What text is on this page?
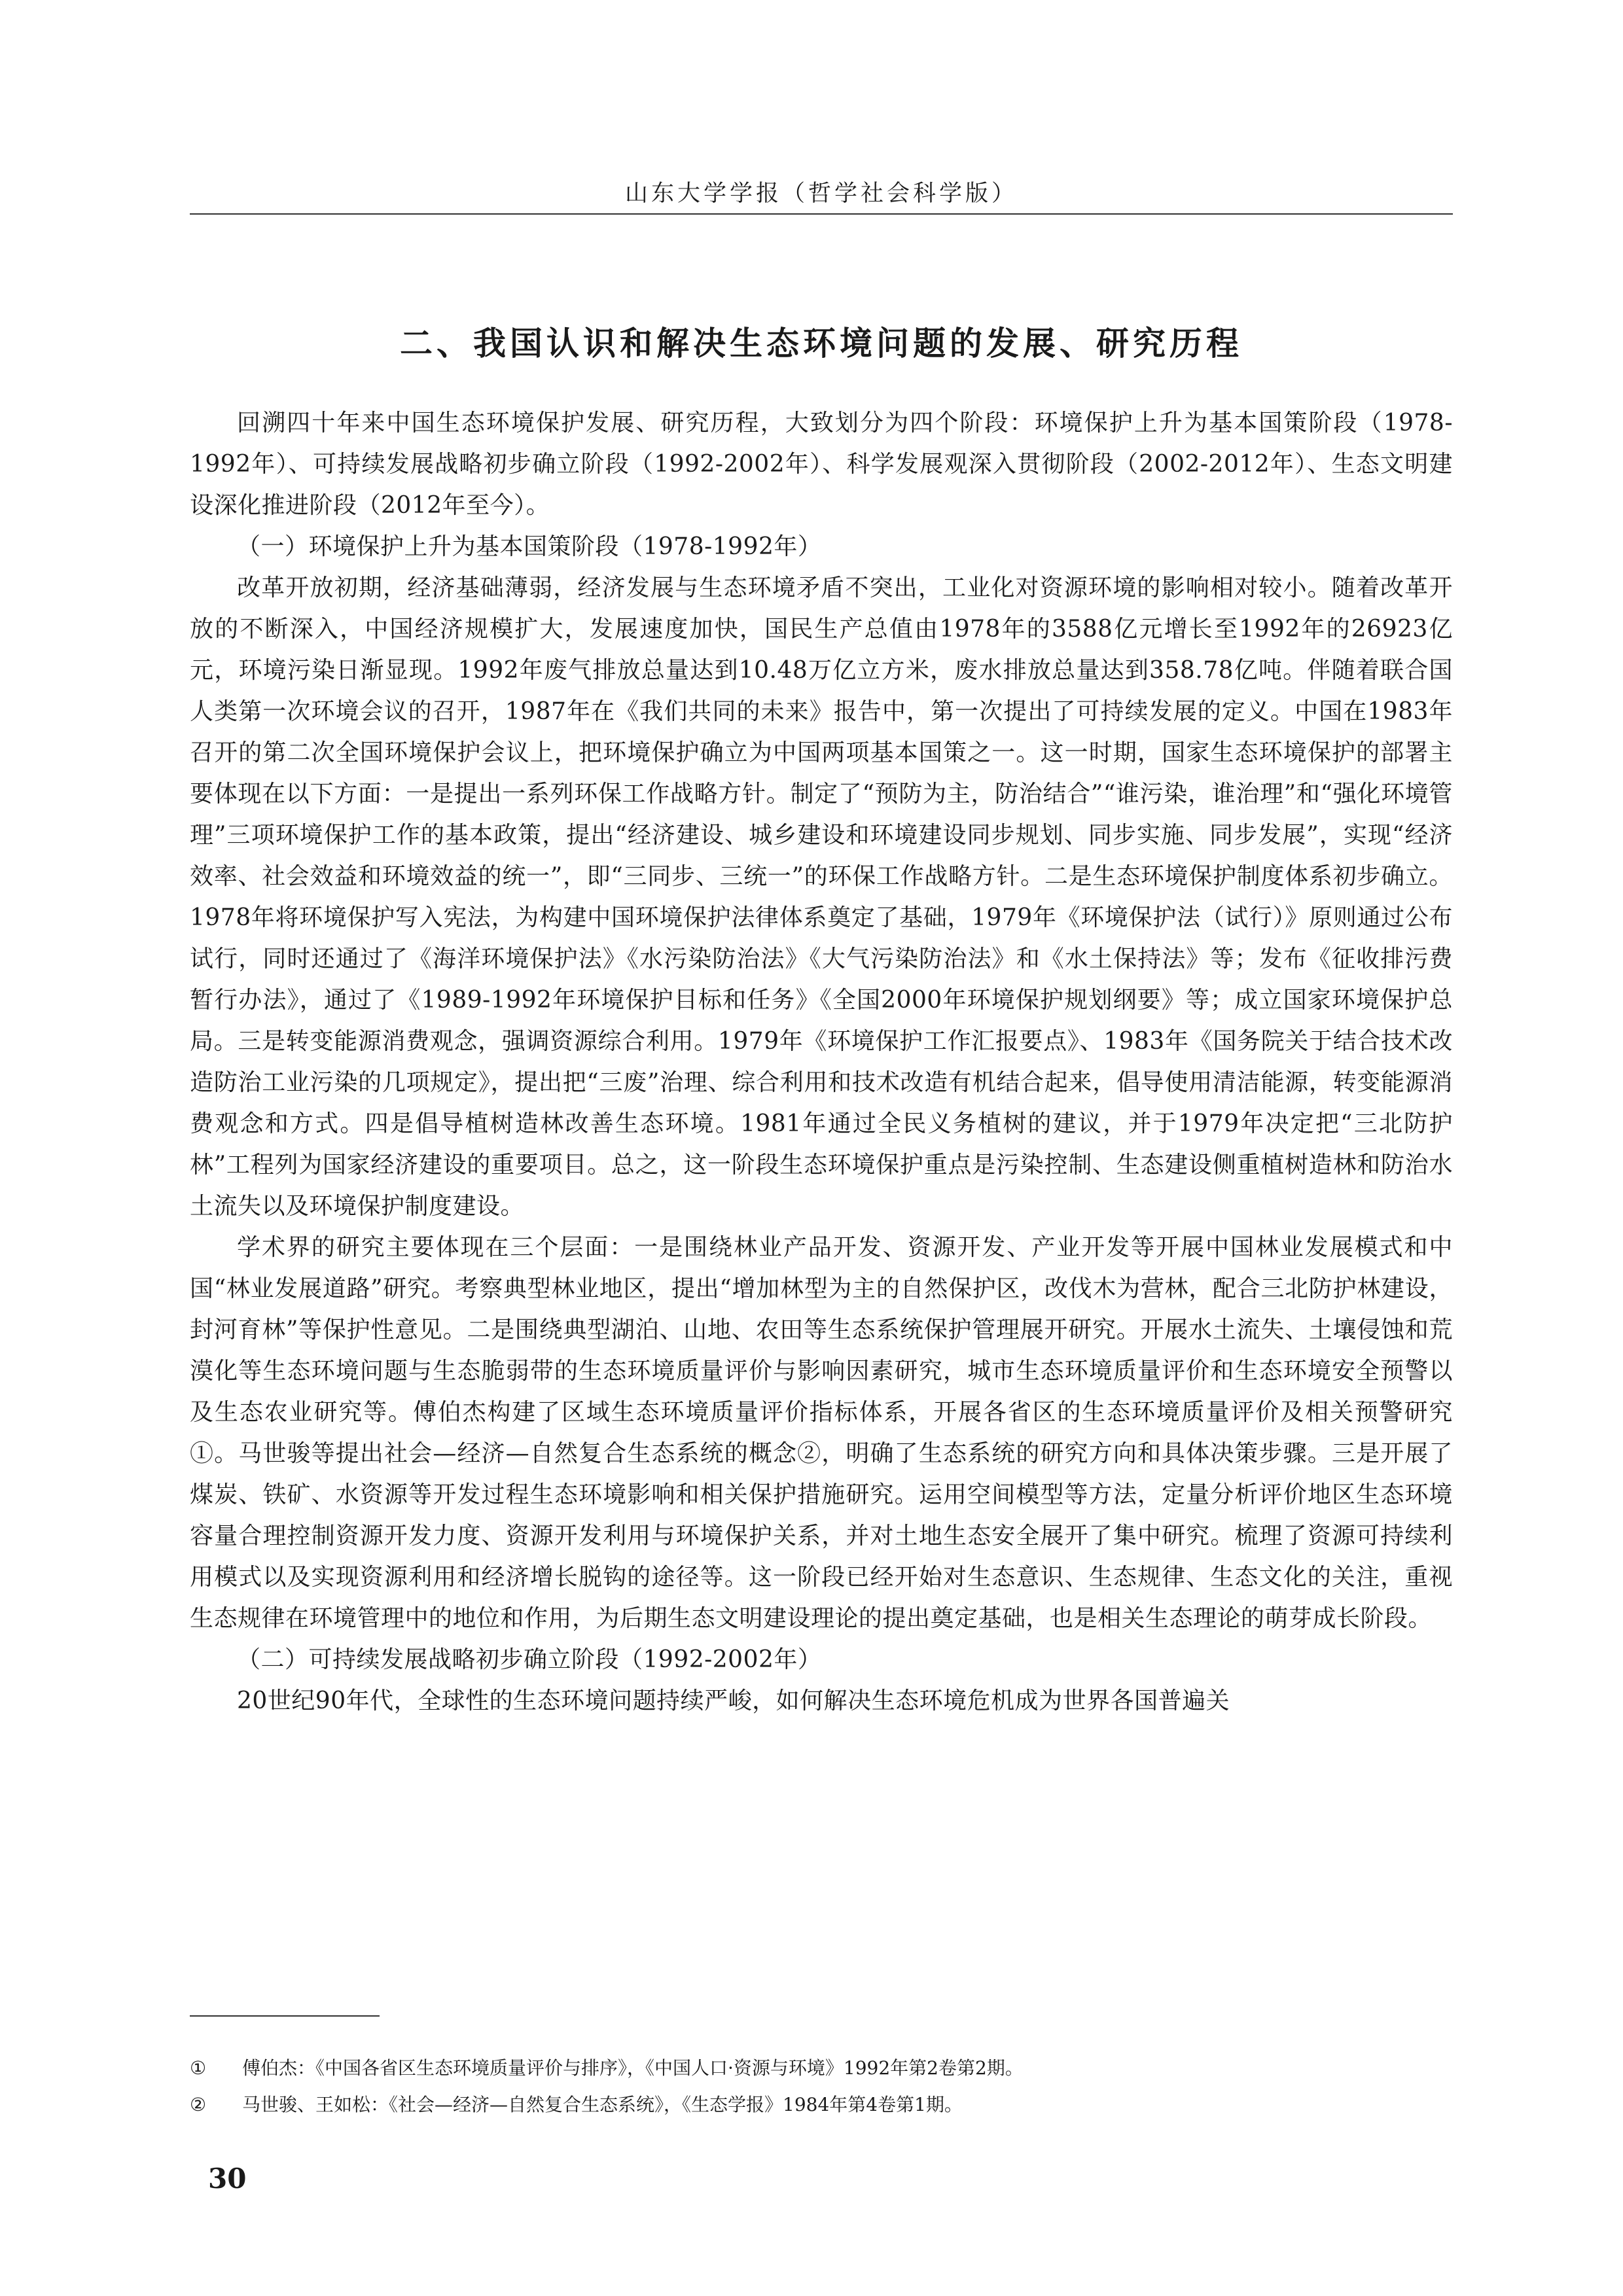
山东大学学报（哲学社会科学版）
二、我国认识和解决生态环境问题的发展、研究历程

回溯四十年来中国生态环境保护发展、研究历程，大致划分为四个阶段：环境保护上升为基本国策阶段（1978-1992年）、可持续发展战略初步确立阶段（1992-2002年）、科学发展观深入贯彻阶段（2002-2012年）、生态文明建设深化推进阶段（2012年至今）。

（一）环境保护上升为基本国策阶段（1978-1992年）

改革开放初期，经济基础薄弱，经济发展与生态环境矛盾不突出，工业化对资源环境的影响相对较小。随着改革开放的不断深入，中国经济规模扩大，发展速度加快，国民生产总值由1978年的3588亿元增长至1992年的26923亿元，环境污染日渐显现。1992年废气排放总量达到10.48万亿立方米，废水排放总量达到358.78亿吨。伴随着联合国人类第一次环境会议的召开，1987年在《我们共同的未来》报告中，第一次提出了可持续发展的定义。中国在1983年召开的第二次全国环境保护会议上，把环境保护确立为中国两项基本国策之一。这一时期，国家生态环境保护的部署主要体现在以下方面：一是提出一系列环保工作战略方针。制定了“预防为主，防治结合”“谁污染，谁治理”和“强化环境管理”三项环境保护工作的基本政策，提出“经济建设、城乡建设和环境建设同步规划、同步实施、同步发展”，实现“经济效率、社会效益和环境效益的统一”，即“三同步、三统一”的环保工作战略方针。二是生态环境保护制度体系初步确立。1978年将环境保护写入宪法，为构建中国环境保护法律体系奠定了基础，1979年《环境保护法（试行）》原则通过公布试行，同时还通过了《海洋环境保护法》《水污染防治法》《大气污染防治法》和《水土保持法》等；发布《征收排污费暂行办法》，通过了《1989-1992年环境保护目标和任务》《全国2000年环境保护规划纲要》等；成立国家环境保护总局。三是转变能源消费观念，强调资源综合利用。1979年《环境保护工作汇报要点》、1983年《国务院关于结合技术改造防治工业污染的几项规定》，提出把“三废”治理、综合利用和技术改造有机结合起来，倡导使用清洁能源，转变能源消费观念和方式。四是倡导植树造林改善生态环境。1981年通过全民义务植树的建议，并于1979年决定把“三北防护林”工程列为国家经济建设的重要项目。总之，这一阶段生态环境保护重点是污染控制、生态建设侧重植树造林和防治水土流失以及环境保护制度建设。

学术界的研究主要体现在三个层面：一是围绕林业产品开发、资源开发、产业开发等开展中国林业发展模式和中国“林业发展道路”研究。考察典型林业地区，提出“增加林型为主的自然保护区，改伐木为营林，配合三北防护林建设，封河育林”等保护性意见。二是围绕典型湖泊、山地、农田等生态系统保护管理展开研究。开展水土流失、土壤侵蚀和荒漠化等生态环境问题与生态脆弱带的生态环境质量评价与影响因素研究，城市生态环境质量评价和生态环境安全预警以及生态农业研究等。傅伯杰构建了区域生态环境质量评价指标体系，开展各省区的生态环境质量评价及相关预警研究①。马世骏等提出社会—经济—自然复合生态系统的概念②，明确了生态系统的研究方向和具体决策步骤。三是开展了煤炭、铁矿、水资源等开发过程生态环境影响和相关保护措施研究。运用空间模型等方法，定量分析评价地区生态环境容量合理控制资源开发力度、资源开发利用与环境保护关系，并对土地生态安全展开了集中研究。梳理了资源可持续利用模式以及实现资源利用和经济增长脱钩的途径等。这一阶段已经开始对生态意识、生态规律、生态文化的关注，重视生态规律在环境管理中的地位和作用，为后期生态文明建设理论的提出奠定基础，也是相关生态理论的萌芽成长阶段。

（二）可持续发展战略初步确立阶段（1992-2002年）

20世纪90年代，全球性的生态环境问题持续严峻，如何解决生态环境危机成为世界各国普遍关

①	傅伯杰：《中国各省区生态环境质量评价与排序》，《中国人口·资源与环境》1992年第2卷第2期。
②	马世骏、王如松：《社会—经济—自然复合生态系统》，《生态学报》1984年第4卷第1期。
30
